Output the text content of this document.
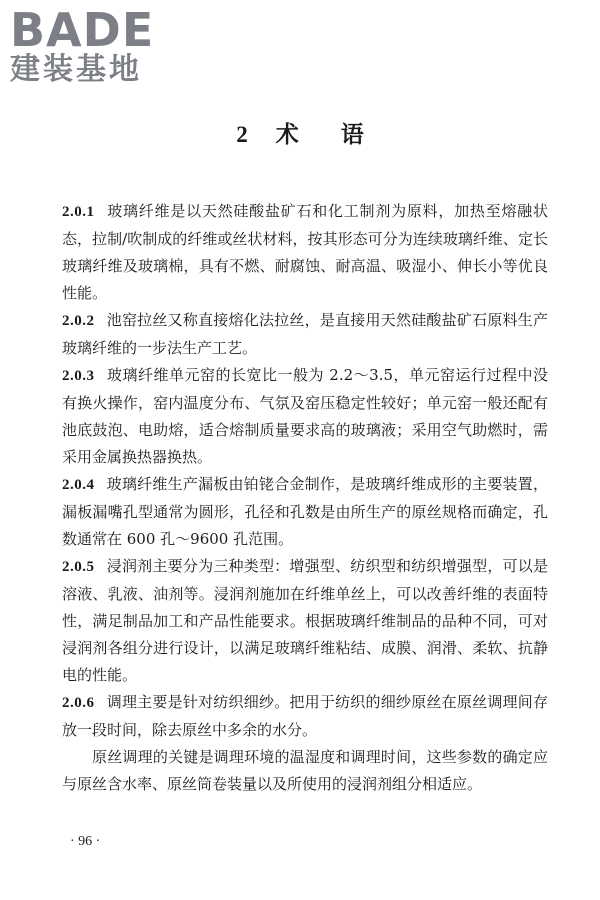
BADE
建装基地
2 术语

2.0.1 玻璃纤维是以天然硅酸盐矿石和化工制剂为原料，加热至熔融状态，拉制/吹制成的纤维或丝状材料，按其形态可分为连续玻璃纤维、定长玻璃纤维及玻璃棉，具有不燃、耐腐蚀、耐高温、吸湿小、伸长小等优良性能。

2.0.2 池窑拉丝又称直接熔化法拉丝，是直接用天然硅酸盐矿石原料生产玻璃纤维的一步法生产工艺。

2.0.3 玻璃纤维单元窑的长宽比一般为 2.2～3.5，单元窑运行过程中没有换火操作，窑内温度分布、气氛及窑压稳定性较好；单元窑一般还配有池底鼓泡、电助熔，适合熔制质量要求高的玻璃液；采用空气助燃时，需采用金属换热器换热。

2.0.4 玻璃纤维生产漏板由铂铑合金制作，是玻璃纤维成形的主要装置，漏板漏嘴孔型通常为圆形，孔径和孔数是由所生产的原丝规格而确定，孔数通常在 600 孔～9600 孔范围。

2.0.5 浸润剂主要分为三种类型：增强型、纺织型和纺织增强型，可以是溶液、乳液、油剂等。浸润剂施加在纤维单丝上，可以改善纤维的表面特性，满足制品加工和产品性能要求。根据玻璃纤维制品的品种不同，可对浸润剂各组分进行设计，以满足玻璃纤维粘结、成膜、润滑、柔软、抗静电的性能。

2.0.6 调理主要是针对纺织细纱。把用于纺织的细纱原丝在原丝调理间存放一段时间，除去原丝中多余的水分。

原丝调理的关键是调理环境的温湿度和调理时间，这些参数的确定应与原丝含水率、原丝筒卷装量以及所使用的浸润剂组分相适应。

· 96 ·
